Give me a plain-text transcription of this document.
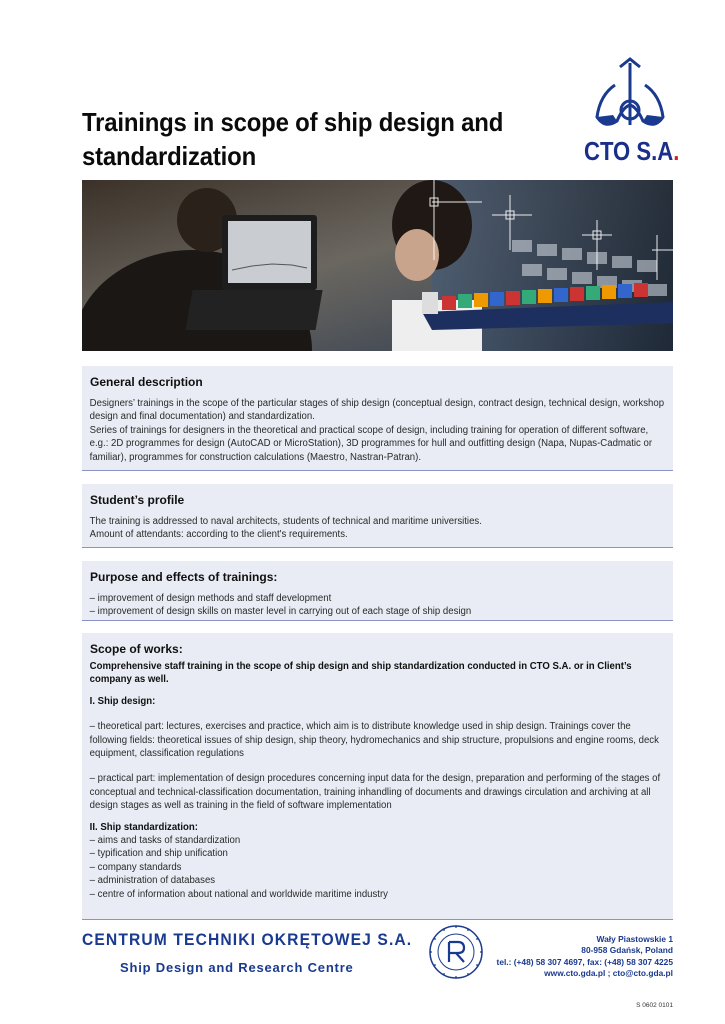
Trainings in scope of ship design and standardization	CTO S.A.
General description

Designers’ trainings in the scope of the particular stages of ship design (conceptual design, contract design, technical design, workshop design and final documentation) and standardization.

Series of trainings for designers in the theoretical and practical scope of design, including training for operation of different software, e.g.: 2D programmes for design (AutoCAD or MicroStation), 3D programmes for hull and outfitting design (Napa, Nupas-Cadmatic or familiar), programmes for construction calculations (Maestro, Nastran-Patran).

Student’s profile

The training is addressed to naval architects, students of technical and maritime universities.

Amount of attendants: according to the client's requirements.

Purpose and effects of trainings:

– improvement of design methods and staff development

– improvement of design skills on master level in carrying out of each stage of ship design

Scope of works:

Comprehensive staff training in the scope of ship design and ship standardization conducted in CTO S.A. or in Client’s company as well.

I. Ship design:

– theoretical part: lectures, exercises and practice, which aim is to distribute knowledge used in ship design. Trainings cover the following fields: theoretical issues of ship design, ship theory, hydromechanics and ship structure, propulsions and engine rooms, deck equipment, classification regulations

– practical part: implementation of design procedures concerning input data for the design, preparation and performing of the stages of conceptual and technical-classification documentation, training inhandling of documents and drawings circulation and archiving at all design stages as well as training in the field of software implementation

II. Ship standardization:

– aims and tasks of standardization

– typification and ship unification

– company standards

– administration of databases

– centre of information about national and worldwide maritime industry

CENTRUM TECHNIKI OKRĘTOWEJ S.A.
Ship Design and Research Centre
Wały Piastowskie 1
80-958 Gdańsk, Poland
tel.: (+48) 58 307 4697, fax: (+48) 58 307 4225
www.cto.gda.pl ; cto@cto.gda.pl
S 0602 0101
